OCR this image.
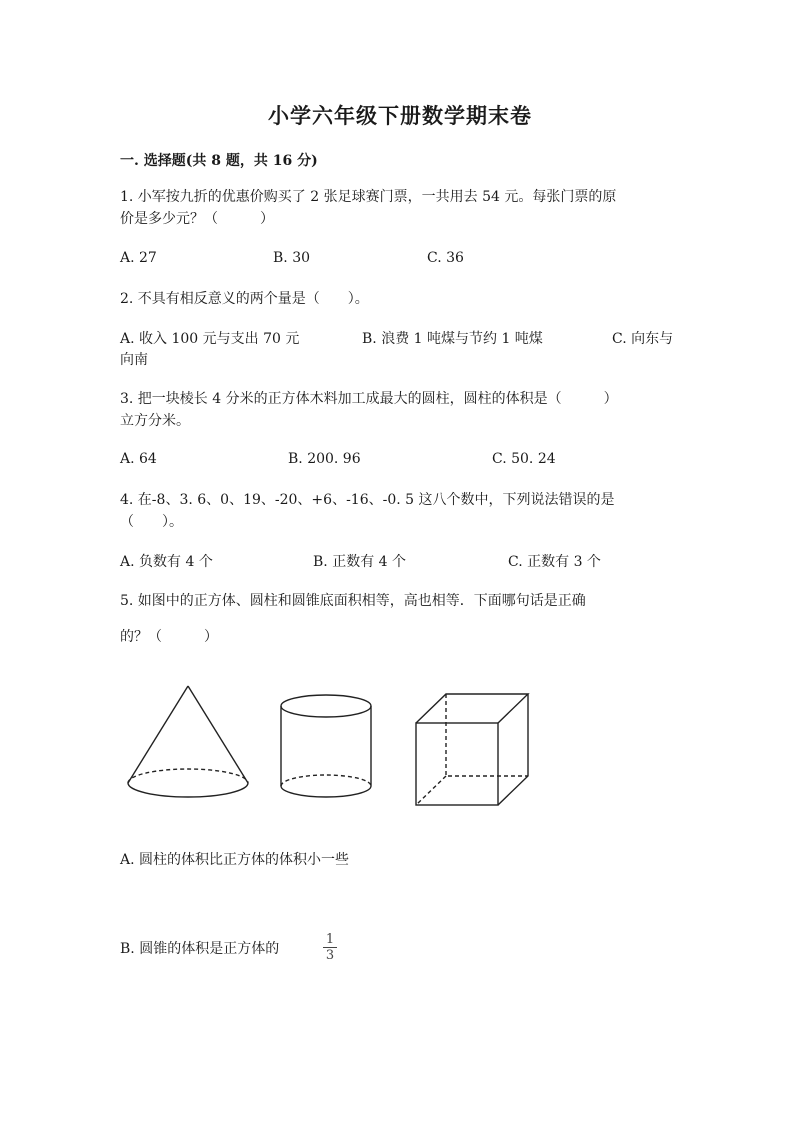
小学六年级下册数学期末卷
一. 选择题(共 8 题，共 16 分)
1. 小军按九折的优惠价购买了 2 张足球赛门票，一共用去 54 元。每张门票的原
价是多少元？（　　　）
A. 27	B. 30	C. 36
2. 不具有相反意义的两个量是（　　）。
A. 收入 100 元与支出 70 元	B. 浪费 1 吨煤与节约 1 吨煤	C. 向东与
向南
3. 把一块棱长 4 分米的正方体木料加工成最大的圆柱，圆柱的体积是（　　　）
立方分米。
A. 64	B. 200. 96	C. 50. 24
4. 在-8、3. 6、0、19、-20、+6、-16、-0. 5 这八个数中，下列说法错误的是
（　　）。
A. 负数有 4 个	B. 正数有 4 个	C. 正数有 3 个
5. 如图中的正方体、圆柱和圆锥底面积相等，高也相等．下面哪句话是正确
的？（　　　）
A. 圆柱的体积比正方体的体积小一些
B. 圆锥的体积是正方体的
1
3
